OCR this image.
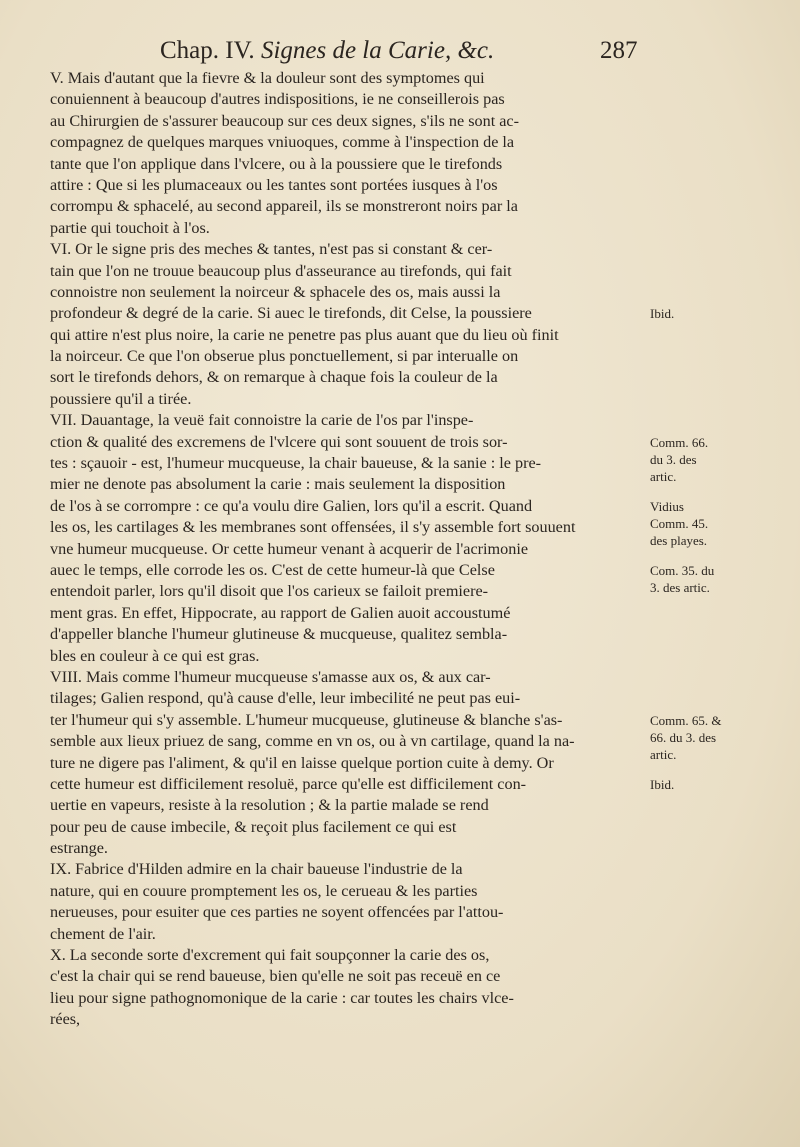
Chap. IV. Signes de la Carie, &c.	287
V. Mais d'autant que la fievre & la douleur sont des symptomes qui
conuiennent à beaucoup d'autres indispositions, ie ne conseillerois pas
au Chirurgien de s'assurer beaucoup sur ces deux signes, s'ils ne sont ac-
compagnez de quelques marques vniuoques, comme à l'inspection de la
tante que l'on applique dans l'vlcere, ou à la poussiere que le tirefonds
attire : Que si les plumaceaux ou les tantes sont portées iusques à l'os
corrompu & sphacelé, au second appareil, ils se monstreront noirs par la
partie qui touchoit à l'os.
VI. Or le signe pris des meches & tantes, n'est pas si constant & cer-
tain que l'on ne trouue beaucoup plus d'asseurance au tirefonds, qui fait
connoistre non seulement la noirceur & sphacele des os, mais aussi la
profondeur & degré de la carie. Si auec le tirefonds, dit Celse, la poussiere
qui attire n'est plus noire, la carie ne penetre pas plus auant que du lieu où finit
la noirceur. Ce que l'on obserue plus ponctuellement, si par interualle on
sort le tirefonds dehors, & on remarque à chaque fois la couleur de la
poussiere qu'il a tirée.
VII. Dauantage, la veuë fait connoistre la carie de l'os par l'inspe-
ction & qualité des excremens de l'vlcere qui sont souuent de trois sor-
tes : sçauoir - est, l'humeur mucqueuse, la chair baueuse, & la sanie : le pre-
mier ne denote pas absolument la carie : mais seulement la disposition
de l'os à se corrompre : ce qu'a voulu dire Galien, lors qu'il a escrit. Quand
les os, les cartilages & les membranes sont offensées, il s'y assemble fort souuent
vne humeur mucqueuse. Or cette humeur venant à acquerir de l'acrimonie
auec le temps, elle corrode les os. C'est de cette humeur-là que Celse
entendoit parler, lors qu'il disoit que l'os carieux se failoit premiere-
ment gras. En effet, Hippocrate, au rapport de Galien auoit accoustumé
d'appeller blanche l'humeur glutineuse & mucqueuse, qualitez sembla-
bles en couleur à ce qui est gras.
VIII. Mais comme l'humeur mucqueuse s'amasse aux os, & aux car-
tilages; Galien respond, qu'à cause d'elle, leur imbecilité ne peut pas eui-
ter l'humeur qui s'y assemble. L'humeur mucqueuse, glutineuse & blanche s'as-
semble aux lieux priuez de sang, comme en vn os, ou à vn cartilage, quand la na-
ture ne digere pas l'aliment, & qu'il en laisse quelque portion cuite à demy. Or
cette humeur est difficilement resoluë, parce qu'elle est difficilement con-
uertie en vapeurs, resiste à la resolution ; & la partie malade se rend
pour peu de cause imbecile, & reçoit plus facilement ce qui est
estrange.
IX. Fabrice d'Hilden admire en la chair baueuse l'industrie de la
nature, qui en couure promptement les os, le cerueau & les parties
nerueuses, pour esuiter que ces parties ne soyent offencées par l'attou-
chement de l'air.
X. La seconde sorte d'excrement qui fait soupçonner la carie des os,
c'est la chair qui se rend baueuse, bien qu'elle ne soit pas receuë en ce
lieu pour signe pathognomonique de la carie : car toutes les chairs vlce-
rées,
Ibid.
Comm. 66.
du 3. des
artic.
Vidius
Comm. 45.
des playes.
Com. 35. du
3. des artic.
Comm. 65. &
66. du 3. des
artic.
Ibid.
